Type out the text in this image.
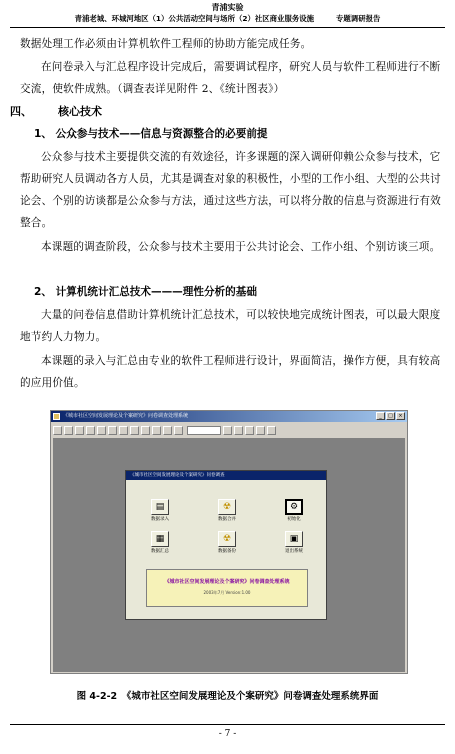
青浦实验
青浦老城、环城河地区（1）公共活动空间与场所（2）社区商业服务设施	专题调研报告
数据处理工作必须由计算机软件工程师的协助方能完成任务。
在问卷录入与汇总程序设计完成后，需要调试程序，研究人员与软件工程师进行不断交流，使软件成熟。（调查表详见附件 2、《统计图表》）
四、 核心技术
1、 公众参与技术——信息与资源整合的必要前提
公众参与技术主要提供交流的有效途径，许多课题的深入调研仰赖公众参与技术，它帮助研究人员调动各方人员，尤其是调查对象的积极性，小型的工作小组、大型的公共讨论会、个别的访谈都是公众参与方法，通过这些方法，可以将分散的信息与资源进行有效整合。
本课题的调查阶段，公众参与技术主要用于公共讨论会、工作小组、个别访谈三项。
2、 计算机统计汇总技术———理性分析的基础
大量的问卷信息借助计算机统计汇总技术，可以较快地完成统计图表，可以最大限度地节约人力物力。
本课题的录入与汇总由专业的软件工程师进行设计，界面简洁，操作方便，具有较高的应用价值。
《城市社区空间发展理论及个案研究》问卷调查处理系统	_	□	×
《城市社区空间发展理论及个案研究》问卷调查
▤
数据录入
☢
数据合并
⚙
初始化
▦
数据汇总
☢
数据备份
▣
退出系统
《城市社区空间发展理论及个案研究》问卷调查处理系统
2003年7月 Version:1.00
图 4-2-2　《城市社区空间发展理论及个案研究》问卷调查处理系统界面
- 7 -
